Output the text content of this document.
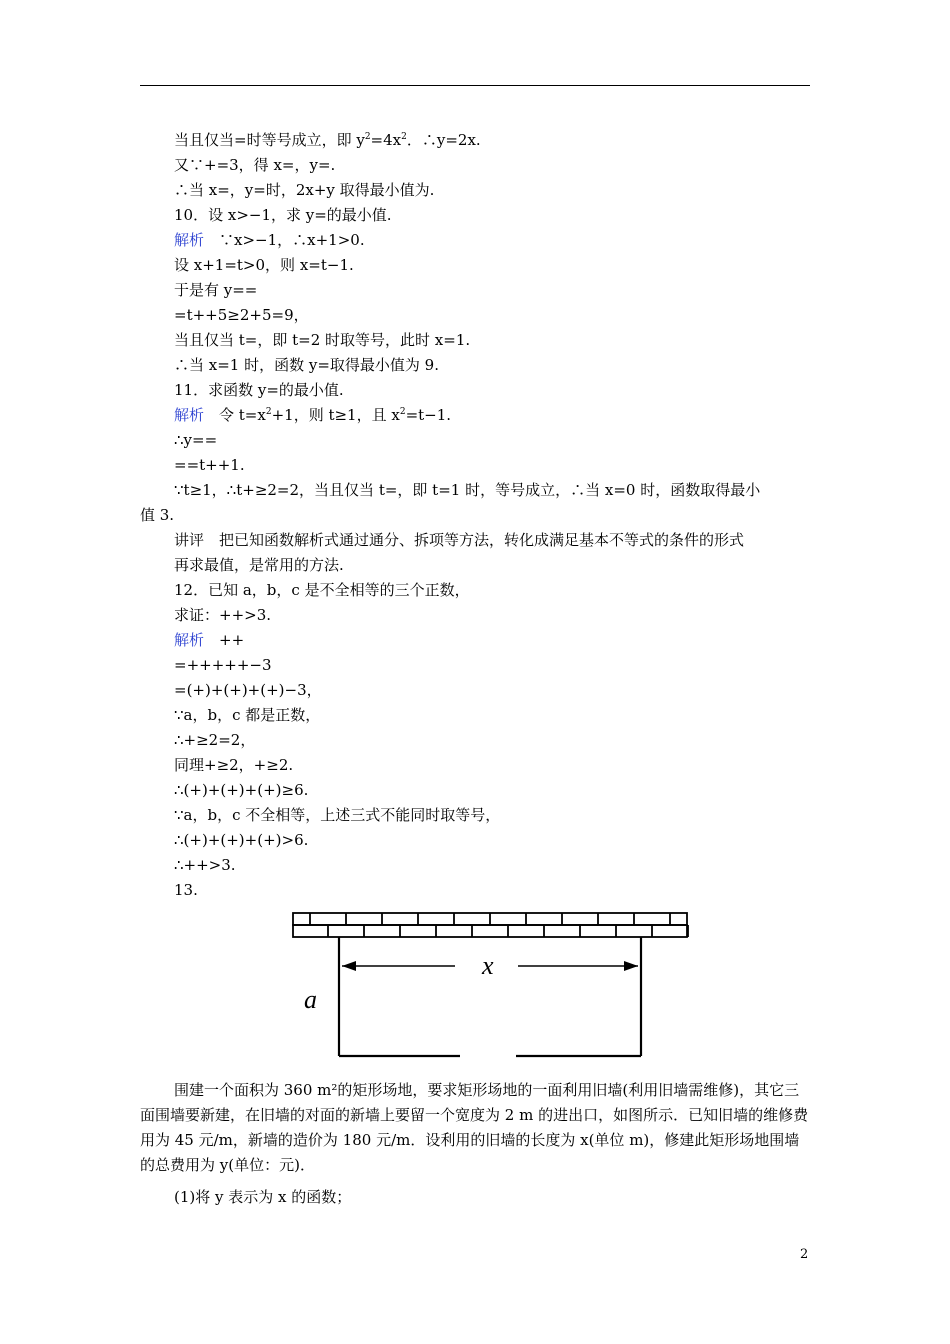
当且仅当=时等号成立，即 $y^2=4x^2$．∴y=2x.
又∵+=3，得 x=，y=.
∴当 x=，y=时，2x+y 取得最小值为.
10．设 x>−1，求 y=的最小值.
解析　∵x>−1，∴x+1>0.
设 x+1=t>0，则 x=t−1.
于是有 y==
=t++5≥2+5=9，
当且仅当 t=，即 t=2 时取等号，此时 x=1.
∴当 x=1 时，函数 y=取得最小值为 9.
11．求函数 y=的最小值.
解析　令 $t=x^2+1$，则 t≥1，且 $x^2=t-1$.
∴y==
==t++1.
∵t≥1，∴t+≥2=2，当且仅当 t=，即 t=1 时，等号成立，∴当 x=0 时，函数取得最小
值 3.
讲评　把已知函数解析式通过通分、拆项等方法，转化成满足基本不等式的条件的形式
再求最值，是常用的方法.
12．已知 a，b，c 是不全相等的三个正数，
求证：++>3.
解析　++
=+++++−3
=(+)+(+)+(+)−3，
∵a，b，c 都是正数，
∴+≥2=2，
同理+≥2，+≥2.
∴(+)+(+)+(+)≥6.
∵a，b，c 不全相等，上述三式不能同时取等号，
∴(+)+(+)+(+)>6.
∴++>3.
13.
x
a
围建一个面积为 360 m²的矩形场地，要求矩形场地的一面利用旧墙(利用旧墙需维修)，其它三面围墙要新建，在旧墙的对面的新墙上要留一个宽度为 2 m 的进出口，如图所示．已知旧墙的维修费用为 45 元/m，新墙的造价为 180 元/m．设利用的旧墙的长度为 x(单位 m)，修建此矩形场地围墙的总费用为 y(单位：元)．
(1)将 y 表示为 x 的函数；
2
